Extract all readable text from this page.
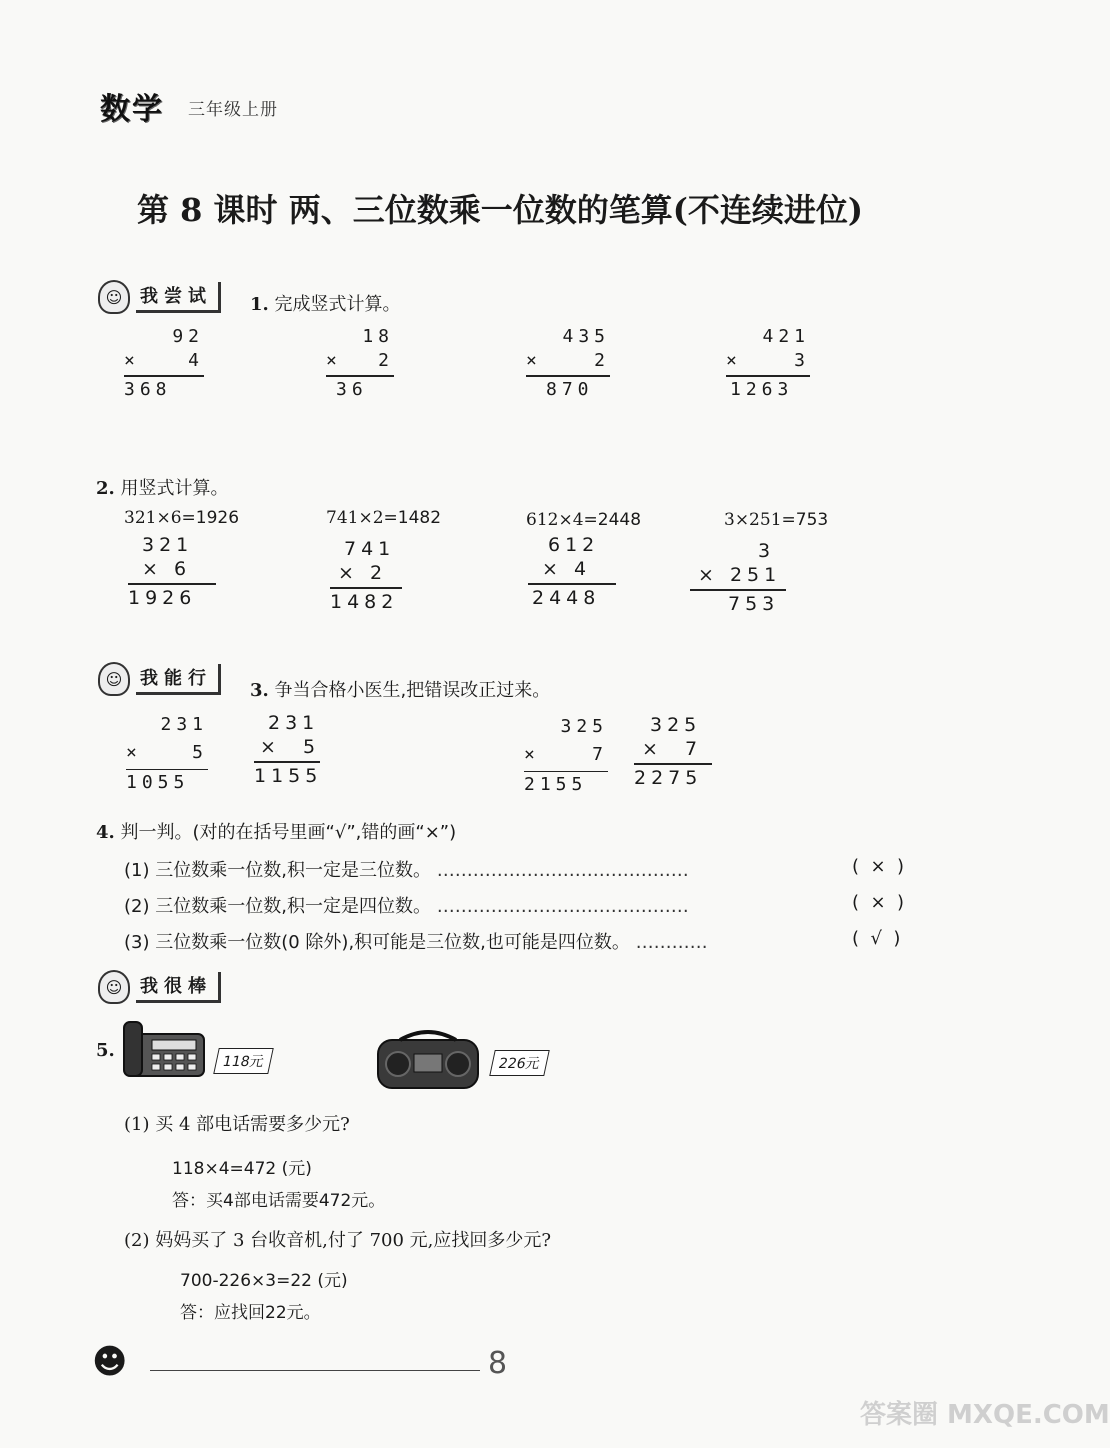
数学 三年级上册
第 8 课时 两、三位数乘一位数的笔算(不连续进位)
☺ 我尝试	1. 完成竖式计算。
92
×	4
368
18
× 2
36
435
×	2
870
421
×	3
1263
2. 用竖式计算。
321×6=1926	741×2=1482	612×4=2448	3×251=753
321
× 6
1926
741
× 2
1482
612
× 4
2448
3
× 251
753
☺ 我能行
3. 争当合格小医生,把错误改正过来。
231
×	5
1055
231
× 5
1155
325
×	7
2155
325
× 7
2275
4. 判一判。(对的在括号里画“√”,错的画“×”)
(1) 三位数乘一位数,积一定是三位数。 ……………………………………	(  ×  )
(2) 三位数乘一位数,积一定是四位数。 ……………………………………	(  ×  )
(3) 三位数乘一位数(0 除外),积可能是三位数,也可能是四位数。 …………	(  √  )
☺ 我很棒
5.
118元	226元
(1) 买 4 部电话需要多少元?
118×4=472 (元)
答：买4部电话需要472元。
(2) 妈妈买了 3 台收音机,付了 700 元,应找回多少元?
700-226×3=22 (元)
答：应找回22元。
☻	8
答案圈 MXQE.COM
